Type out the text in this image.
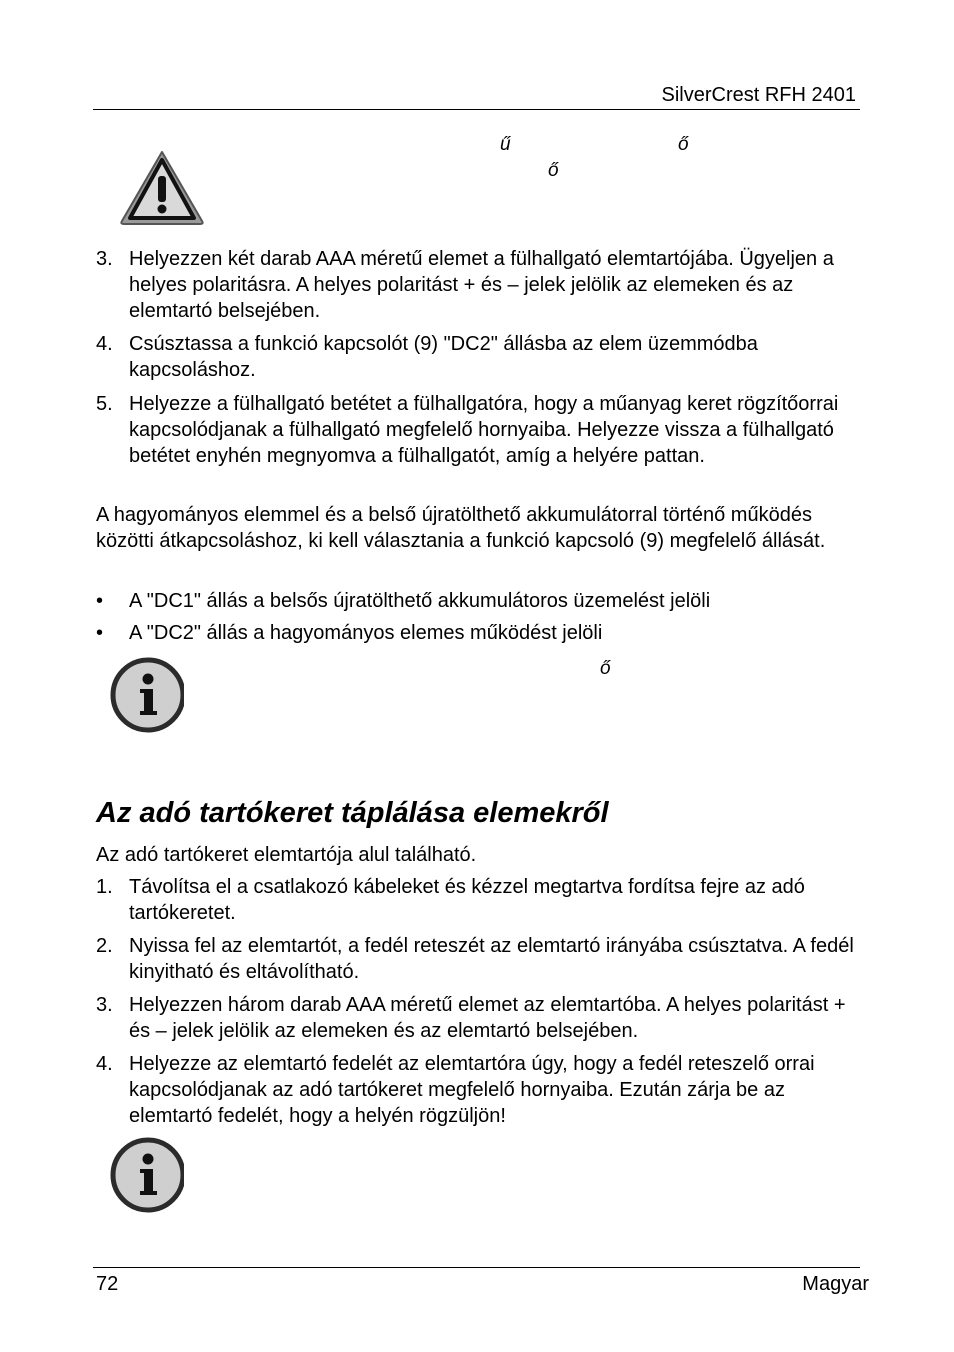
SilverCrest RFH 2401
ű	ő
ő
3. Helyezzen két darab AAA méretű elemet a fülhallgató elemtartójába. Ügyeljen a helyes polaritásra. A helyes polaritást + és – jelek jelölik az elemeken és az elemtartó belsejében.
4. Csúsztassa a funkció kapcsolót (9) "DC2" állásba az elem üzemmódba kapcsoláshoz.
5. Helyezze a fülhallgató betétet a fülhallgatóra, hogy a műanyag keret rögzítőorrai kapcsolódjanak a fülhallgató megfelelő hornyaiba. Helyezze vissza a fülhallgató betétet enyhén megnyomva a fülhallgatót, amíg a helyére pattan.
A hagyományos elemmel és a belső újratölthető akkumulátorral történő működés közötti átkapcsoláshoz, ki kell választania a funkció kapcsoló (9) megfelelő állását.
•	A "DC1" állás a belsős újratölthető akkumulátoros üzemelést jelöli
•	A "DC2" állás a hagyományos elemes működést jelöli
ő
Az adó tartókeret táplálása elemekről
Az adó tartókeret elemtartója alul található.
1. Távolítsa el a csatlakozó kábeleket és kézzel megtartva fordítsa fejre az adó tartókeretet.
2. Nyissa fel az elemtartót, a fedél reteszét az elemtartó irányába csúsztatva. A fedél kinyitható és eltávolítható.
3. Helyezzen három darab AAA méretű elemet az elemtartóba. A helyes polaritást + és – jelek jelölik az elemeken és az elemtartó belsejében.
4. Helyezze az elemtartó fedelét az elemtartóra úgy, hogy a fedél reteszelő orrai kapcsolódjanak az adó tartókeret megfelelő hornyaiba. Ezután zárja be az elemtartó fedelét, hogy a helyén rögzüljön!
72	Magyar
